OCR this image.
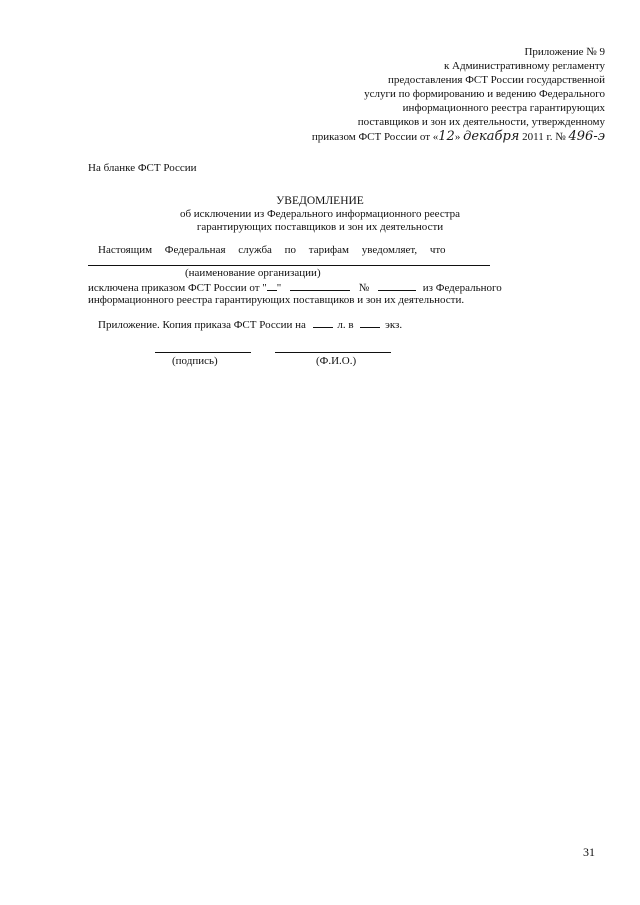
Приложение № 9
к Административному регламенту
предоставления ФСТ России государственной
услуги по формированию и ведению Федерального
информационного реестра гарантирующих
поставщиков и зон их деятельности, утвержденному
приказом ФСТ России от «12» декабря 2011 г. № 496-э
На бланке ФСТ России
УВЕДОМЛЕНИЕ
об исключении из Федерального информационного реестра
гарантирующих поставщиков и зон их деятельности
Настоящим Федеральная служба по тарифам уведомляет, что
(наименование организации)
исключена приказом ФСТ России от " "	№	из Федерального
информационного реестра гарантирующих поставщиков и зон их деятельности.
Приложение. Копия приказа ФСТ России на	л. в	экз.
(подпись)	(Ф.И.О.)
31
